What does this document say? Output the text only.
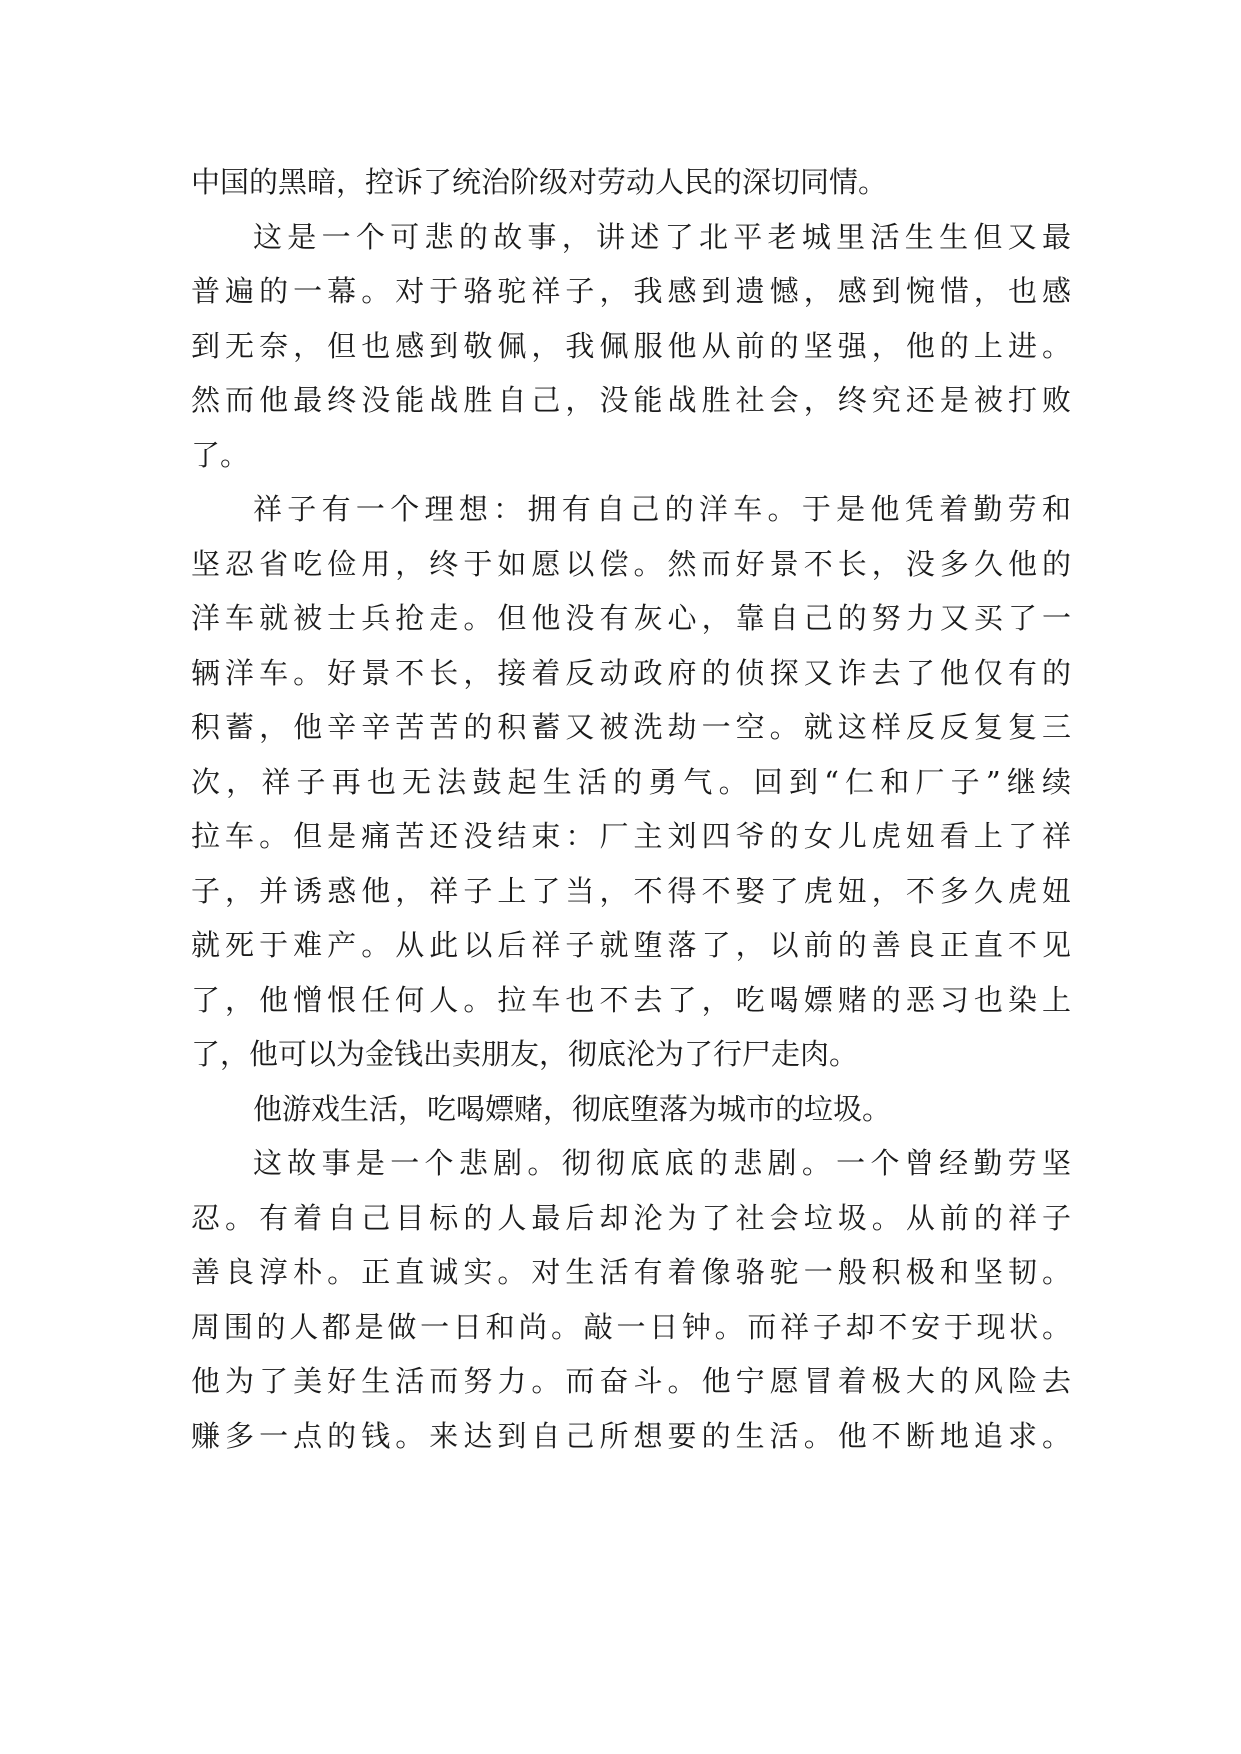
中国的黑暗，控诉了统治阶级对劳动人民的深切同情。
这是一个可悲的故事，讲述了北平老城里活生生但又最
普遍的一幕。对于骆驼祥子，我感到遗憾，感到惋惜，也感
到无奈，但也感到敬佩，我佩服他从前的坚强，他的上进。
然而他最终没能战胜自己，没能战胜社会，终究还是被打败
了。
祥子有一个理想：拥有自己的洋车。于是他凭着勤劳和
坚忍省吃俭用，终于如愿以偿。然而好景不长，没多久他的
洋车就被士兵抢走。但他没有灰心，靠自己的努力又买了一
辆洋车。好景不长，接着反动政府的侦探又诈去了他仅有的
积蓄，他辛辛苦苦的积蓄又被洗劫一空。就这样反反复复三
次，祥子再也无法鼓起生活的勇气。回到“仁和厂子”继续
拉车。但是痛苦还没结束：厂主刘四爷的女儿虎妞看上了祥
子，并诱惑他，祥子上了当，不得不娶了虎妞，不多久虎妞
就死于难产。从此以后祥子就堕落了，以前的善良正直不见
了，他憎恨任何人。拉车也不去了，吃喝嫖赌的恶习也染上
了，他可以为金钱出卖朋友，彻底沦为了行尸走肉。
他游戏生活，吃喝嫖赌，彻底堕落为城市的垃圾。
这故事是一个悲剧。彻彻底底的悲剧。一个曾经勤劳坚
忍。有着自己目标的人最后却沦为了社会垃圾。从前的祥子
善良淳朴。正直诚实。对生活有着像骆驼一般积极和坚韧。
周围的人都是做一日和尚。敲一日钟。而祥子却不安于现状。
他为了美好生活而努力。而奋斗。他宁愿冒着极大的风险去
赚多一点的钱。来达到自己所想要的生活。他不断地追求。
